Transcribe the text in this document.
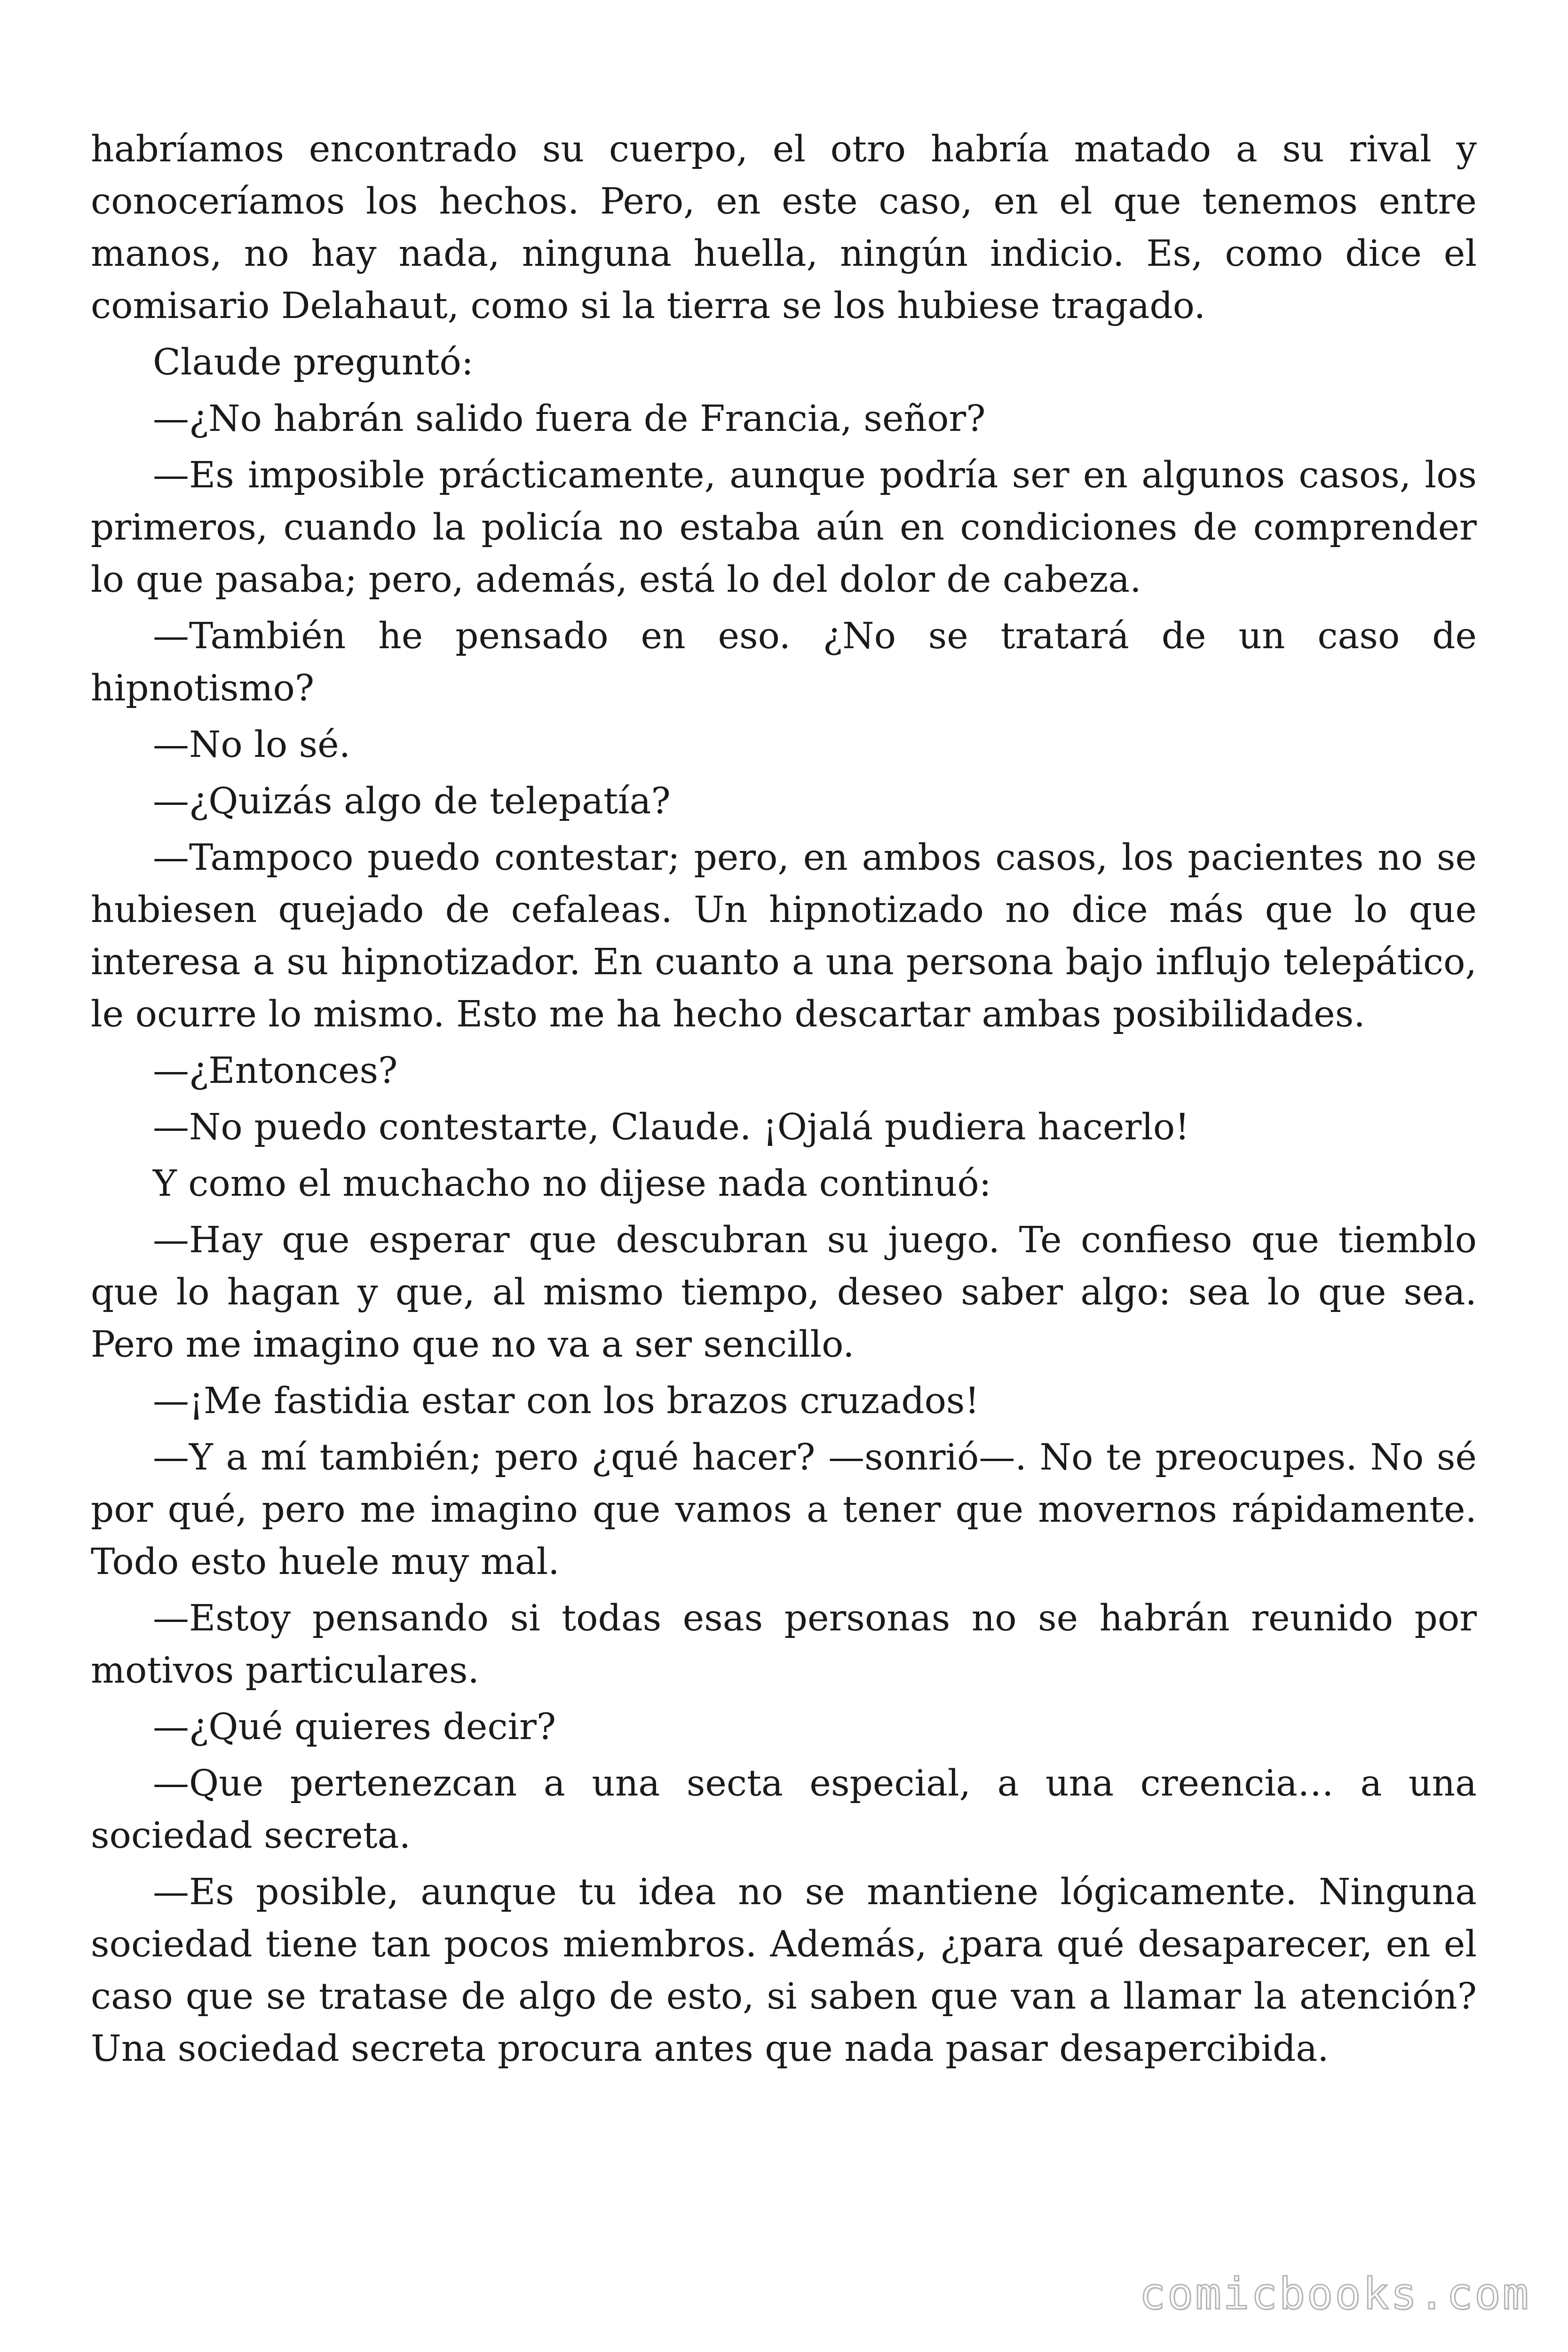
habríamos encontrado su cuerpo, el otro habría matado a su rival y conoceríamos los hechos. Pero, en este caso, en el que tenemos entre manos, no hay nada, ninguna huella, ningún indicio. Es, como dice el comisario Delahaut, como si la tierra se los hubiese tragado.

Claude preguntó:

—¿No habrán salido fuera de Francia, señor?

—Es imposible prácticamente, aunque podría ser en algunos casos, los primeros, cuando la policía no estaba aún en condiciones de comprender lo que pasaba; pero, además, está lo del dolor de cabeza.

—También he pensado en eso. ¿No se tratará de un caso de hipnotismo?

—No lo sé.

—¿Quizás algo de telepatía?

—Tampoco puedo contestar; pero, en ambos casos, los pacientes no se hubiesen quejado de cefaleas. Un hipnotizado no dice más que lo que interesa a su hipnotizador. En cuanto a una persona bajo influjo telepático, le ocurre lo mismo. Esto me ha hecho descartar ambas posibilidades.

—¿Entonces?

—No puedo contestarte, Claude. ¡Ojalá pudiera hacerlo!

Y como el muchacho no dijese nada continuó:

—Hay que esperar que descubran su juego. Te confieso que tiemblo que lo hagan y que, al mismo tiempo, deseo saber algo: sea lo que sea. Pero me imagino que no va a ser sencillo.

—¡Me fastidia estar con los brazos cruzados!

—Y a mí también; pero ¿qué hacer? —sonrió—. No te preocupes. No sé por qué, pero me imagino que vamos a tener que movernos rápidamente. Todo esto huele muy mal.

—Estoy pensando si todas esas personas no se habrán reunido por motivos particulares.

—¿Qué quieres decir?

—Que pertenezcan a una secta especial, a una creencia… a una sociedad secreta.

—Es posible, aunque tu idea no se mantiene lógicamente. Ninguna sociedad tiene tan pocos miembros. Además, ¿para qué desaparecer, en el caso que se tratase de algo de esto, si saben que van a llamar la atención? Una sociedad secreta procura antes que nada pasar desapercibida.

comicbooks.com
